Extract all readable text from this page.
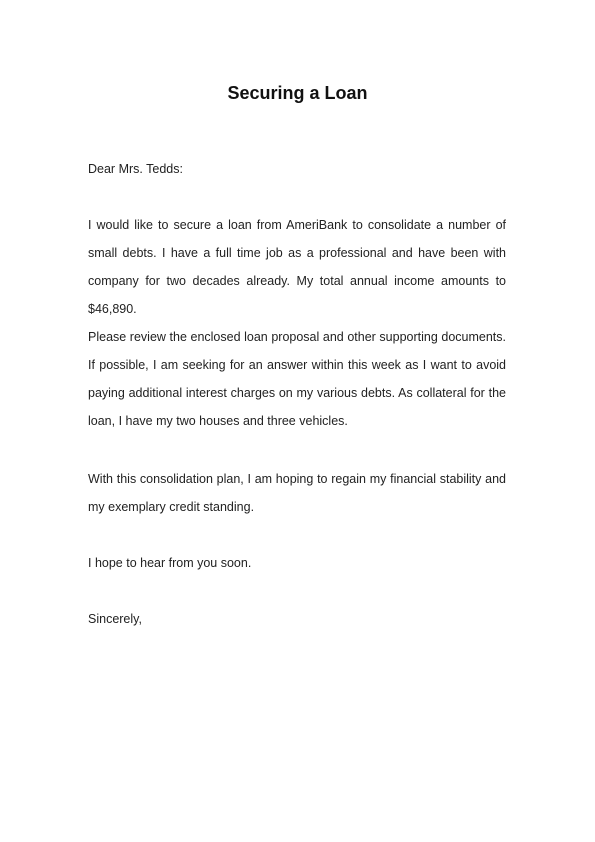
Securing a Loan

Dear Mrs. Tedds:

I would like to secure a loan from AmeriBank to consolidate a number of small debts. I have a full time job as a professional and have been with company for two decades already. My total annual income amounts to $46,890.

Please review the enclosed loan proposal and other supporting documents. If possible, I am seeking for an answer within this week as I want to avoid paying additional interest charges on my various debts. As collateral for the loan, I have my two houses and three vehicles.

With this consolidation plan, I am hoping to regain my financial stability and my exemplary credit standing.

I hope to hear from you soon.

Sincerely,
